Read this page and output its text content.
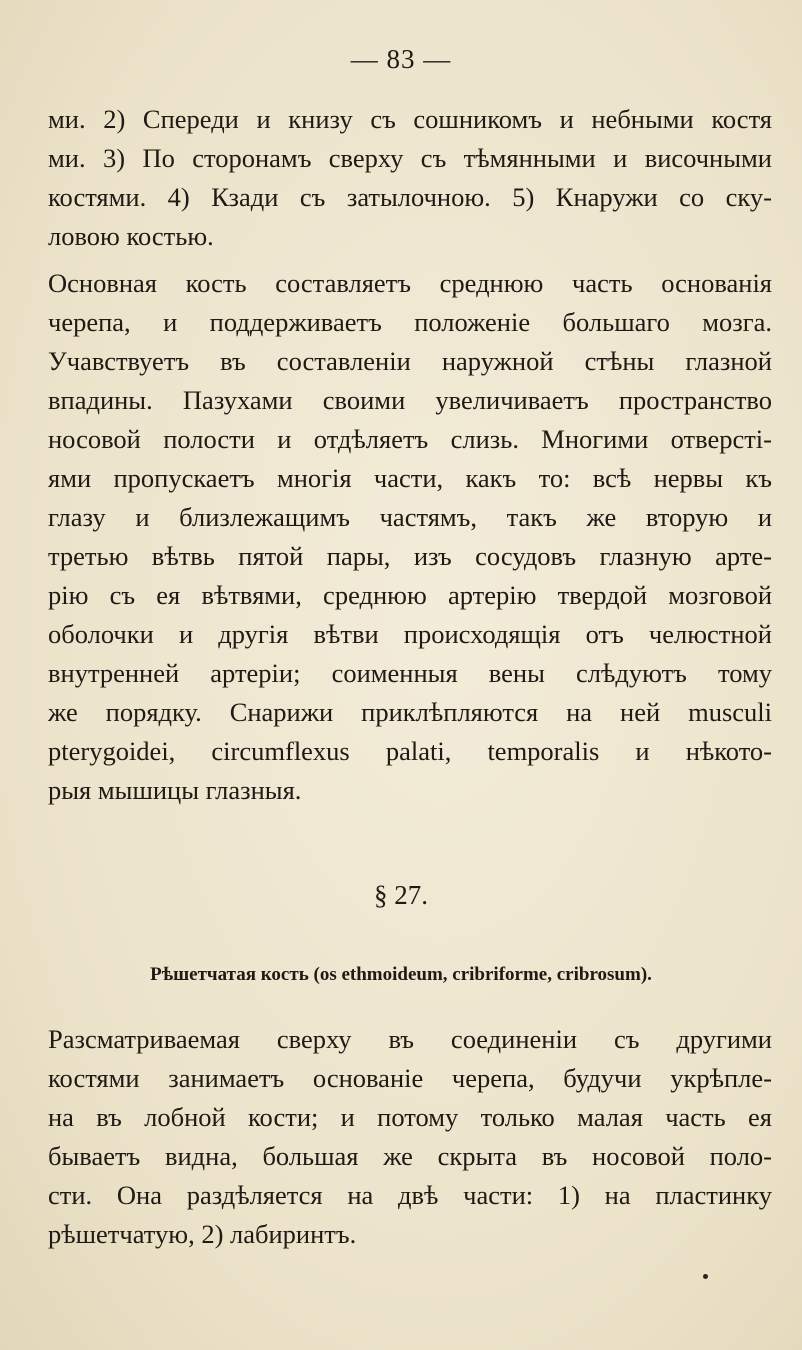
— 83 —
ми. 2) Спереди и книзу съ сошникомъ и небными костя
ми. 3) По сторонамъ сверху съ тѣмянными и височными
костями. 4) Кзади съ затылочною. 5) Кнаружи со ску-
ловою костью.
Основная кость составляетъ среднюю часть основанія
черепа, и поддерживаетъ положеніе большаго мозга.
Учавствуетъ въ составленіи наружной стѣны глазной
впадины. Пазухами своими увеличиваетъ пространство
носовой полости и отдѣляетъ слизь. Многими отверсті-
ями пропускаетъ многія части, какъ то: всѣ нервы къ
глазу и близлежащимъ частямъ, такъ же вторую и
третью вѣтвь пятой пары, изъ сосудовъ глазную арте-
рію съ ея вѣтвями, среднюю артерію твердой мозговой
оболочки и другія вѣтви происходящія отъ челюстной
внутренней артеріи; соименныя вены слѣдуютъ тому
же порядку. Снарижи приклѣпляются на ней musculi
pterygoidei, circumflexus palati, temporalis и нѣкото-
рыя мышицы глазныя.
§ 27.
Рѣшетчатая кость (os ethmoideum, cribriforme, cribrosum).
Разсматриваемая сверху въ соединеніи съ другими
костями занимаетъ основаніе черепа, будучи укрѣпле-
на въ лобной кости; и потому только малая часть ея
бываетъ видна, большая же скрыта въ носовой поло-
сти. Она раздѣляется на двѣ части: 1) на пластинку
рѣшетчатую, 2) лабиринтъ.
